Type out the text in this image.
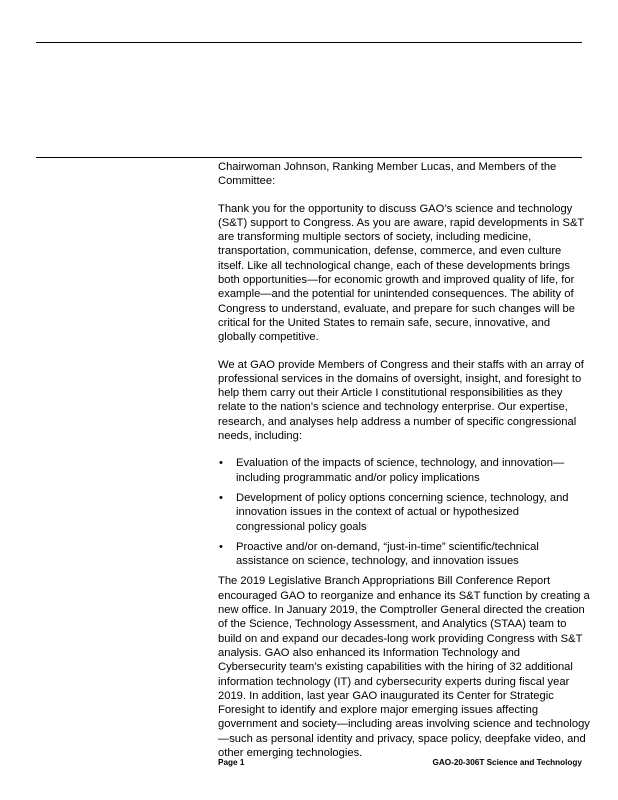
Chairwoman Johnson, Ranking Member Lucas, and Members of the Committee:

Thank you for the opportunity to discuss GAO’s science and technology (S&T) support to Congress. As you are aware, rapid developments in S&T are transforming multiple sectors of society, including medicine, transportation, communication, defense, commerce, and even culture itself. Like all technological change, each of these developments brings both opportunities—for economic growth and improved quality of life, for example—and the potential for unintended consequences. The ability of Congress to understand, evaluate, and prepare for such changes will be critical for the United States to remain safe, secure, innovative, and globally competitive.

We at GAO provide Members of Congress and their staffs with an array of professional services in the domains of oversight, insight, and foresight to help them carry out their Article I constitutional responsibilities as they relate to the nation’s science and technology enterprise. Our expertise, research, and analyses help address a number of specific congressional needs, including:

• Evaluation of the impacts of science, technology, and innovation—including programmatic and/or policy implications
• Development of policy options concerning science, technology, and innovation issues in the context of actual or hypothesized congressional policy goals
• Proactive and/or on-demand, “just-in-time” scientific/technical assistance on science, technology, and innovation issues

The 2019 Legislative Branch Appropriations Bill Conference Report encouraged GAO to reorganize and enhance its S&T function by creating a new office. In January 2019, the Comptroller General directed the creation of the Science, Technology Assessment, and Analytics (STAA) team to build on and expand our decades-long work providing Congress with S&T analysis. GAO also enhanced its Information Technology and Cybersecurity team’s existing capabilities with the hiring of 32 additional information technology (IT) and cybersecurity experts during fiscal year 2019. In addition, last year GAO inaugurated its Center for Strategic Foresight to identify and explore major emerging issues affecting government and society—including areas involving science and technology—such as personal identity and privacy, space policy, deepfake video, and other emerging technologies.

Page 1	GAO-20-306T Science and Technology
